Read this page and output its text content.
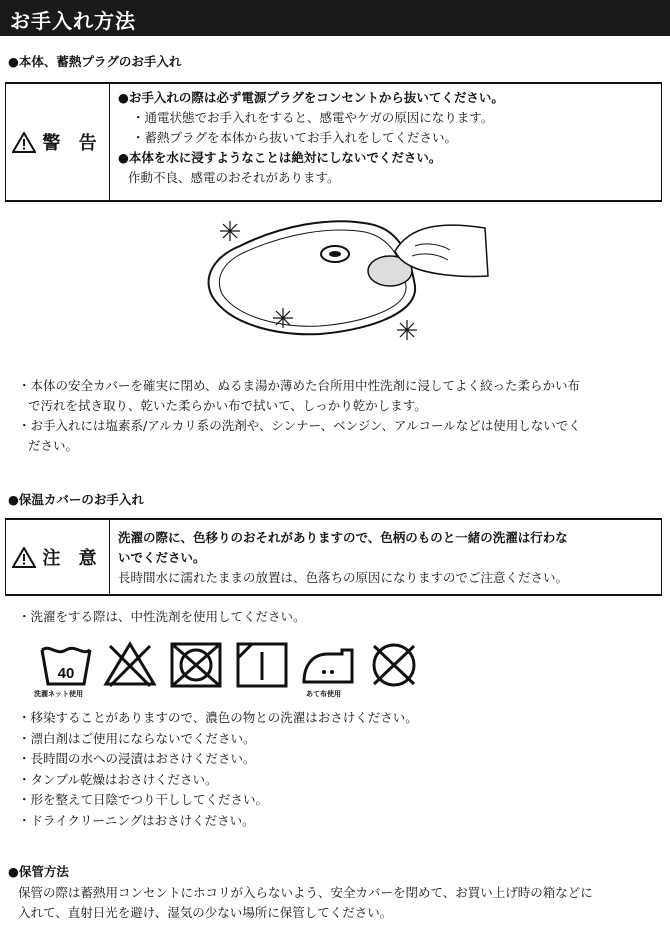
お手入れ方法
●本体、蓄熱プラグのお手入れ
警 告
●お手入れの際は必ず電源プラグをコンセントから抜いてください。
・通電状態でお手入れをすると、感電やケガの原因になります。
・蓄熱プラグを本体から抜いてお手入れをしてください。
●本体を水に浸すようなことは絶対にしないでください。
作動不良、感電のおそれがあります。
・本体の安全カバーを確実に閉め、ぬるま湯か薄めた台所用中性洗剤に浸してよく絞った柔らかい布
で汚れを拭き取り、乾いた柔らかい布で拭いて、しっかり乾かします。
・お手入れには塩素系/アルカリ系の洗剤や、シンナー、ベンジン、アルコールなどは使用しないでく
ださい。
●保温カバーのお手入れ
注 意
洗濯の際に、色移りのおそれがありますので、色柄のものと一緒の洗濯は行わな
いでください。
長時間水に濡れたままの放置は、色落ちの原因になりますのでご注意ください。
・洗濯をする際は、中性洗剤を使用してください。
40
洗濯ネット使用	あて布使用
・移染することがありますので、濃色の物との洗濯はおさけください。
・漂白剤はご使用にならないでください。
・長時間の水への浸漬はおさけください。
・タンブル乾燥はおさけください。
・形を整えて日陰でつり干ししてください。
・ドライクリーニングはおさけください。
●保管方法
保管の際は蓄熱用コンセントにホコリが入らないよう、安全カバーを閉めて、お買い上げ時の箱などに
入れて、直射日光を避け、湿気の少ない場所に保管してください。
